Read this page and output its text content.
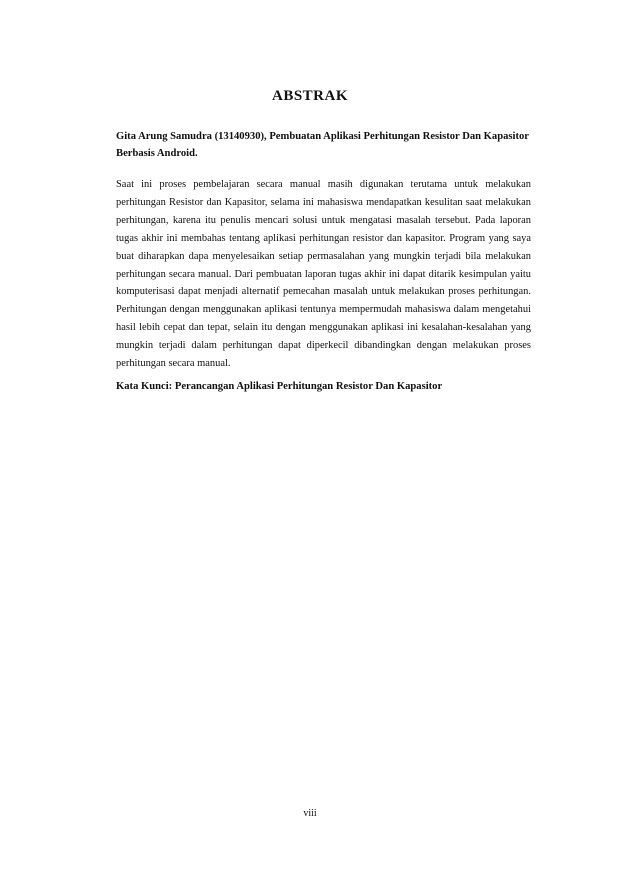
ABSTRAK
Gita Arung Samudra (13140930), Pembuatan Aplikasi Perhitungan Resistor Dan Kapasitor Berbasis Android.
Saat ini proses pembelajaran secara manual masih digunakan terutama untuk melakukan perhitungan Resistor dan Kapasitor, selama ini mahasiswa mendapatkan kesulitan saat melakukan perhitungan, karena itu penulis mencari solusi untuk mengatasi masalah tersebut. Pada laporan tugas akhir ini membahas tentang aplikasi perhitungan resistor dan kapasitor. Program yang saya buat diharapkan dapa menyelesaikan setiap permasalahan yang mungkin terjadi bila melakukan perhitungan secara manual. Dari pembuatan laporan tugas akhir ini dapat ditarik kesimpulan yaitu komputerisasi dapat menjadi alternatif pemecahan masalah untuk melakukan proses perhitungan. Perhitungan dengan menggunakan aplikasi tentunya mempermudah mahasiswa dalam mengetahui hasil lebih cepat dan tepat, selain itu dengan menggunakan aplikasi ini kesalahan-kesalahan yang mungkin terjadi dalam perhitungan dapat diperkecil dibandingkan dengan melakukan proses perhitungan secara manual.
Kata Kunci: Perancangan Aplikasi Perhitungan Resistor Dan Kapasitor
viii
